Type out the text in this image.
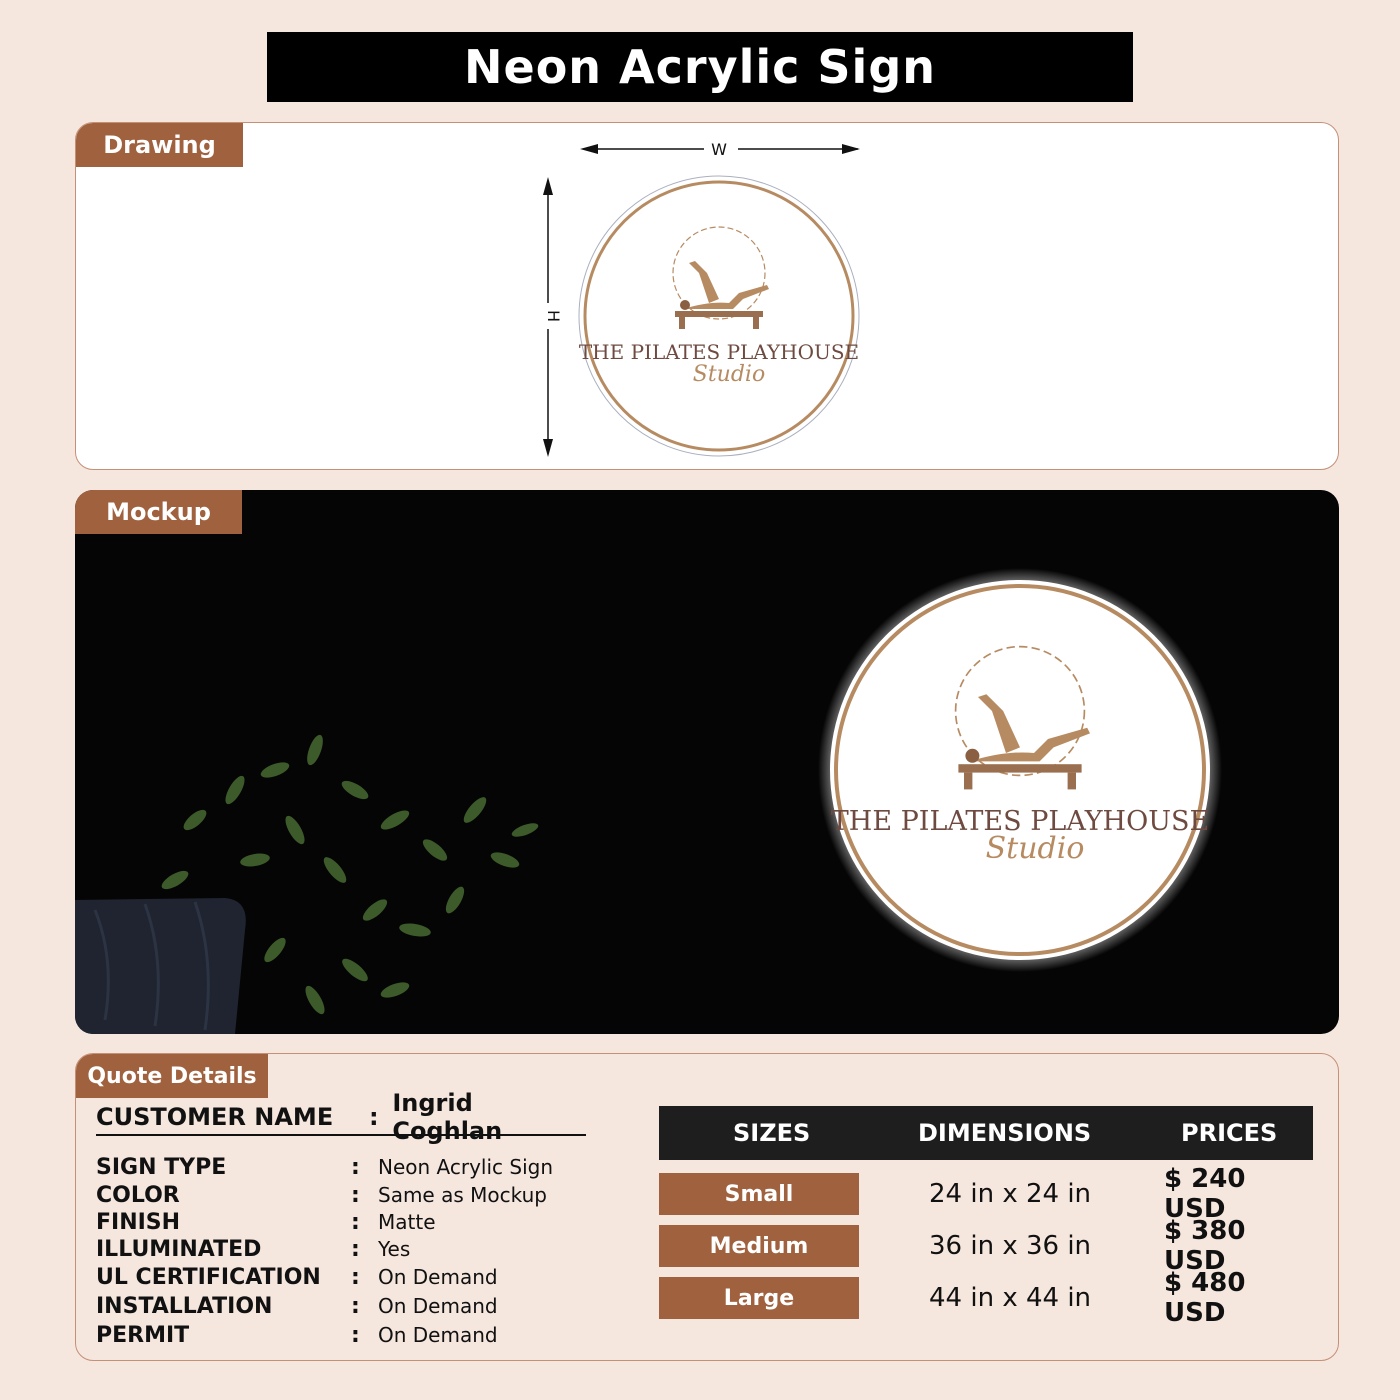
Neon Acrylic Sign
Drawing	W
H
THE PILATES PLAYHOUSE
Studio
THE PILATES PLAYHOUSE
Studio
Mockup
Quote Details
CUSTOMER NAME	: Ingrid Coghlan
SIGN TYPE	: Neon Acrylic Sign
COLOR	: Same as Mockup
FINISH	: Matte
ILLUMINATED	: Yes
UL CERTIFICATION	: On Demand
INSTALLATION	: On Demand
PERMIT	: On Demand
SIZES	DIMENSIONS	PRICES
Small	24 in x 24 in	$ 240 USD
Medium	36 in x 36 in	$ 380 USD
Large	44 in x 44 in	$ 480 USD
